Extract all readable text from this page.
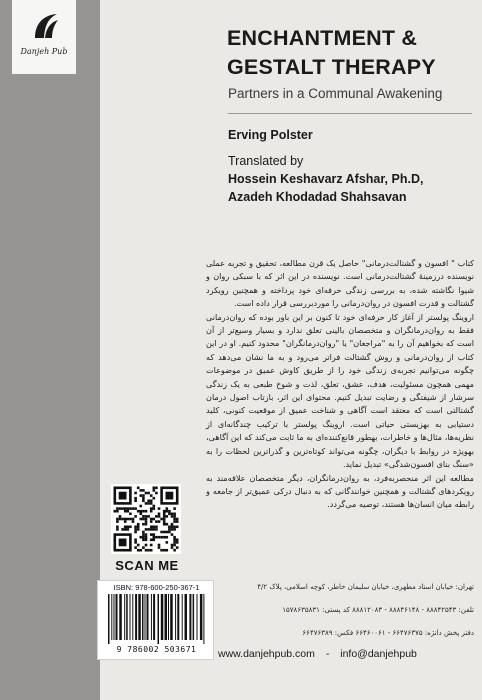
Danjeh Pub
ENCHANTMENT &
GESTALT THERAPY
Partners in a Communal Awakening
Erving Polster
Translated by
Hossein Keshavarz Afshar, Ph.D,
Azadeh Khodadad Shahsavan

کتاب " افسون و گشتالت‌درمانی" حاصل یک قرن مطالعه، تحقیق و تجربه عملی نویسنده درزمینهٔ گشتالت‌درمانی است. نویسنده در این اثر که با سبکی روان و شیوا نگاشته شده، به بررسی زندگی حرفه‌ای خود پرداخته و همچنین رویکرد گشتالت و قدرت افسون در روان‌درمانی را موردبررسی قرار داده است.

اروینگ پولستر از آغاز کار حرفه‌ای خود تا کنون بر این باور بوده که روان‌درمانی فقط به روان‌درمانگران و متخصصان بالینی تعلق ندارد و بسیار وسیع‌تر از آن است که بخواهیم آن را به "مراجعان" یا "روان‌درمانگران" محدود کنیم. او در این کتاب از روان‌درمانی و روش گشتالت فراتر می‌رود و به ما نشان می‌دهد که چگونه می‌توانیم تجربه‌ی زندگی خود را از طریق کاوش عمیق در موضوعات مهمی همچون مسئولیت، هدف، عشق، تعلق، لذت و شوخ طبعی به یک زندگی سرشار از شیفتگی و رضایت تبدیل کنیم. محتوای این اثر، بازتاب اصول درمان گشتالتی است که معتقد است آگاهی و شناخت عمیق از موقعیت کنونی، کلید دستیابی به بهزیستی حیاتی است. اروینگ پولستر با ترکیب چندگانه‌ای از نظریه‌ها، مثال‌ها و خاطرات، بهطور قانع‌کننده‌ای به ما ثابت می‌کند که این آگاهی، بهویژه در روابط با دیگران، چگونه می‌تواند کوتاه‌ترین و گذراترین لحظات را به «سنگ بنای افسون‌شدگی» تبدیل نماید.

مطالعه این اثر منحصربه‌فرد، به روان‌درمانگران، دیگر متخصصان علاقه‌مند به رویکردهای گشتالت و همچنین خوانندگانی که به دنبال درکی عمیق‌تر از جامعه و رابطه میان انسان‌ها هستند، توصیه می‌گردد.

SCAN ME
ISBN: 978-600-250-367-1
9 786002 503671
تهران: خیابان استاد مطهری، خیابان سلیمان خاطر، کوچه اسلامی، پلاک ۴/۲
تلفن: ۸۸۸۴۲۵۴۳ - ۸۸۸۴۶۱۴۸ - ۸۸۸۱۲۰۸۳ کد پستی: ۱۵۷۸۶۳۵۸۳۱
دفتر پخش دانژه: ۶۶۴۷۶۳۷۵ - ۶۶۴۶۰۰۶۱ فکس: ۶۶۴۷۶۳۸۹
www.danjehpub.com - info@danjehpub
